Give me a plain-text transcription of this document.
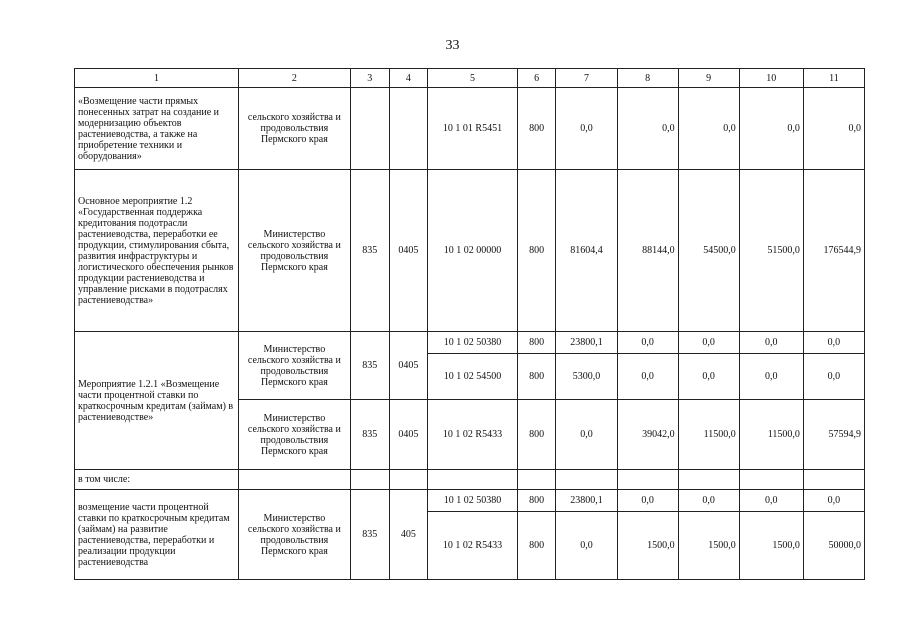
33
1	2	3	4	5	6	7	8	9	10	11
«Возмещение части прямых понесенных затрат на создание и модернизацию объектов растениеводства, а также на приобретение техники и оборудования»	сельского хозяйства и продовольствия Пермского края			10 1 01 R5451	800	0,0	0,0	0,0	0,0	0,0
Основное мероприятие 1.2 «Государственная поддержка кредитования подотрасли растениеводства, переработки ее продукции, стимулирования сбыта, развития инфраструктуры и логистического обеспечения рынков продукции растениеводства и управление рисками в подотраслях растениеводства»	Министерство сельского хозяйства и продовольствия Пермского края	835	0405	10 1 02 00000	800	81604,4	88144,0	54500,0	51500,0	176544,9
Мероприятие 1.2.1 «Возмещение части процентной ставки по краткосрочным кредитам (займам) в растениеводстве»	Министерство сельского хозяйства и продовольствия Пермского края	835	0405	10 1 02 50380	800	23800,1	0,0	0,0	0,0	0,0
				10 1 02 54500	800	5300,0	0,0	0,0	0,0	0,0
	Министерство сельского хозяйства и продовольствия Пермского края	835	0405	10 1 02 R5433	800	0,0	39042,0	11500,0	11500,0	57594,9
в том числе:										
возмещение части процентной ставки по краткосрочным кредитам (займам) на развитие растениеводства, переработки и реализации продукции растениеводства	Министерство сельского хозяйства и продовольствия Пермского края	835	405	10 1 02 50380	800	23800,1	0,0	0,0	0,0	0,0
				10 1 02 R5433	800	0,0	1500,0	1500,0	1500,0	50000,0
